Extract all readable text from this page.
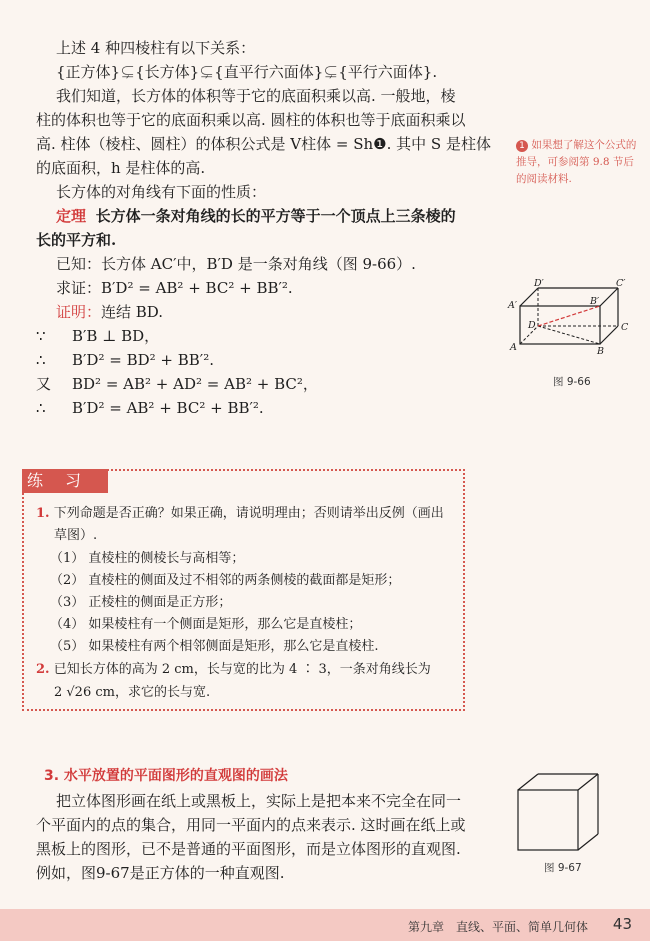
上述 4 种四棱柱有以下关系：
{正方体}⊊{长方体}⊊{直平行六面体}⊊{平行六面体}.
我们知道，长方体的体积等于它的底面积乘以高. 一般地，棱
柱的体积也等于它的底面积乘以高. 圆柱的体积也等于底面积乘以
高. 柱体（棱柱、圆柱）的体积公式是 V柱体 = Sh❶. 其中 S 是柱体
的底面积，h 是柱体的高.
长方体的对角线有下面的性质：
定理 长方体一条对角线的长的平方等于一个顶点上三条棱的
长的平方和.
已知：长方体 AC′中，B′D 是一条对角线（图 9-66）.
求证：B′D² = AB² + BC² + BB′².
证明：连结 BD.
∵ B′B ⊥ BD，
∴ B′D² = BD² + BB′².
又 BD² = AB² + AD² = AB² + BC²，
∴ B′D² = AB² + BC² + BB′².
1 如果想了解这个公式的推导，可参阅第 9.8 节后的阅读材料.
D′	C′
A′	B′
D	C
A	B
图 9-66
练习
1. 下列命题是否正确？如果正确，请说明理由；否则请举出反例（画出
草图）.
（1） 直棱柱的侧棱长与高相等；
（2） 直棱柱的侧面及过不相邻的两条侧棱的截面都是矩形；
（3） 正棱柱的侧面是正方形；
（4） 如果棱柱有一个侧面是矩形，那么它是直棱柱；
（5） 如果棱柱有两个相邻侧面是矩形，那么它是直棱柱.
2. 已知长方体的高为 2 cm，长与宽的比为 4 ∶ 3，一条对角线长为
2 √26 cm，求它的长与宽.
3. 水平放置的平面图形的直观图的画法
把立体图形画在纸上或黑板上，实际上是把本来不完全在同一
个平面内的点的集合，用同一平面内的点来表示. 这时画在纸上或
黑板上的图形，已不是普通的平面图形，而是立体图形的直观图.
例如，图9-67是正方体的一种直观图.	图 9-67
第九章　直线、平面、简单几何体 43
